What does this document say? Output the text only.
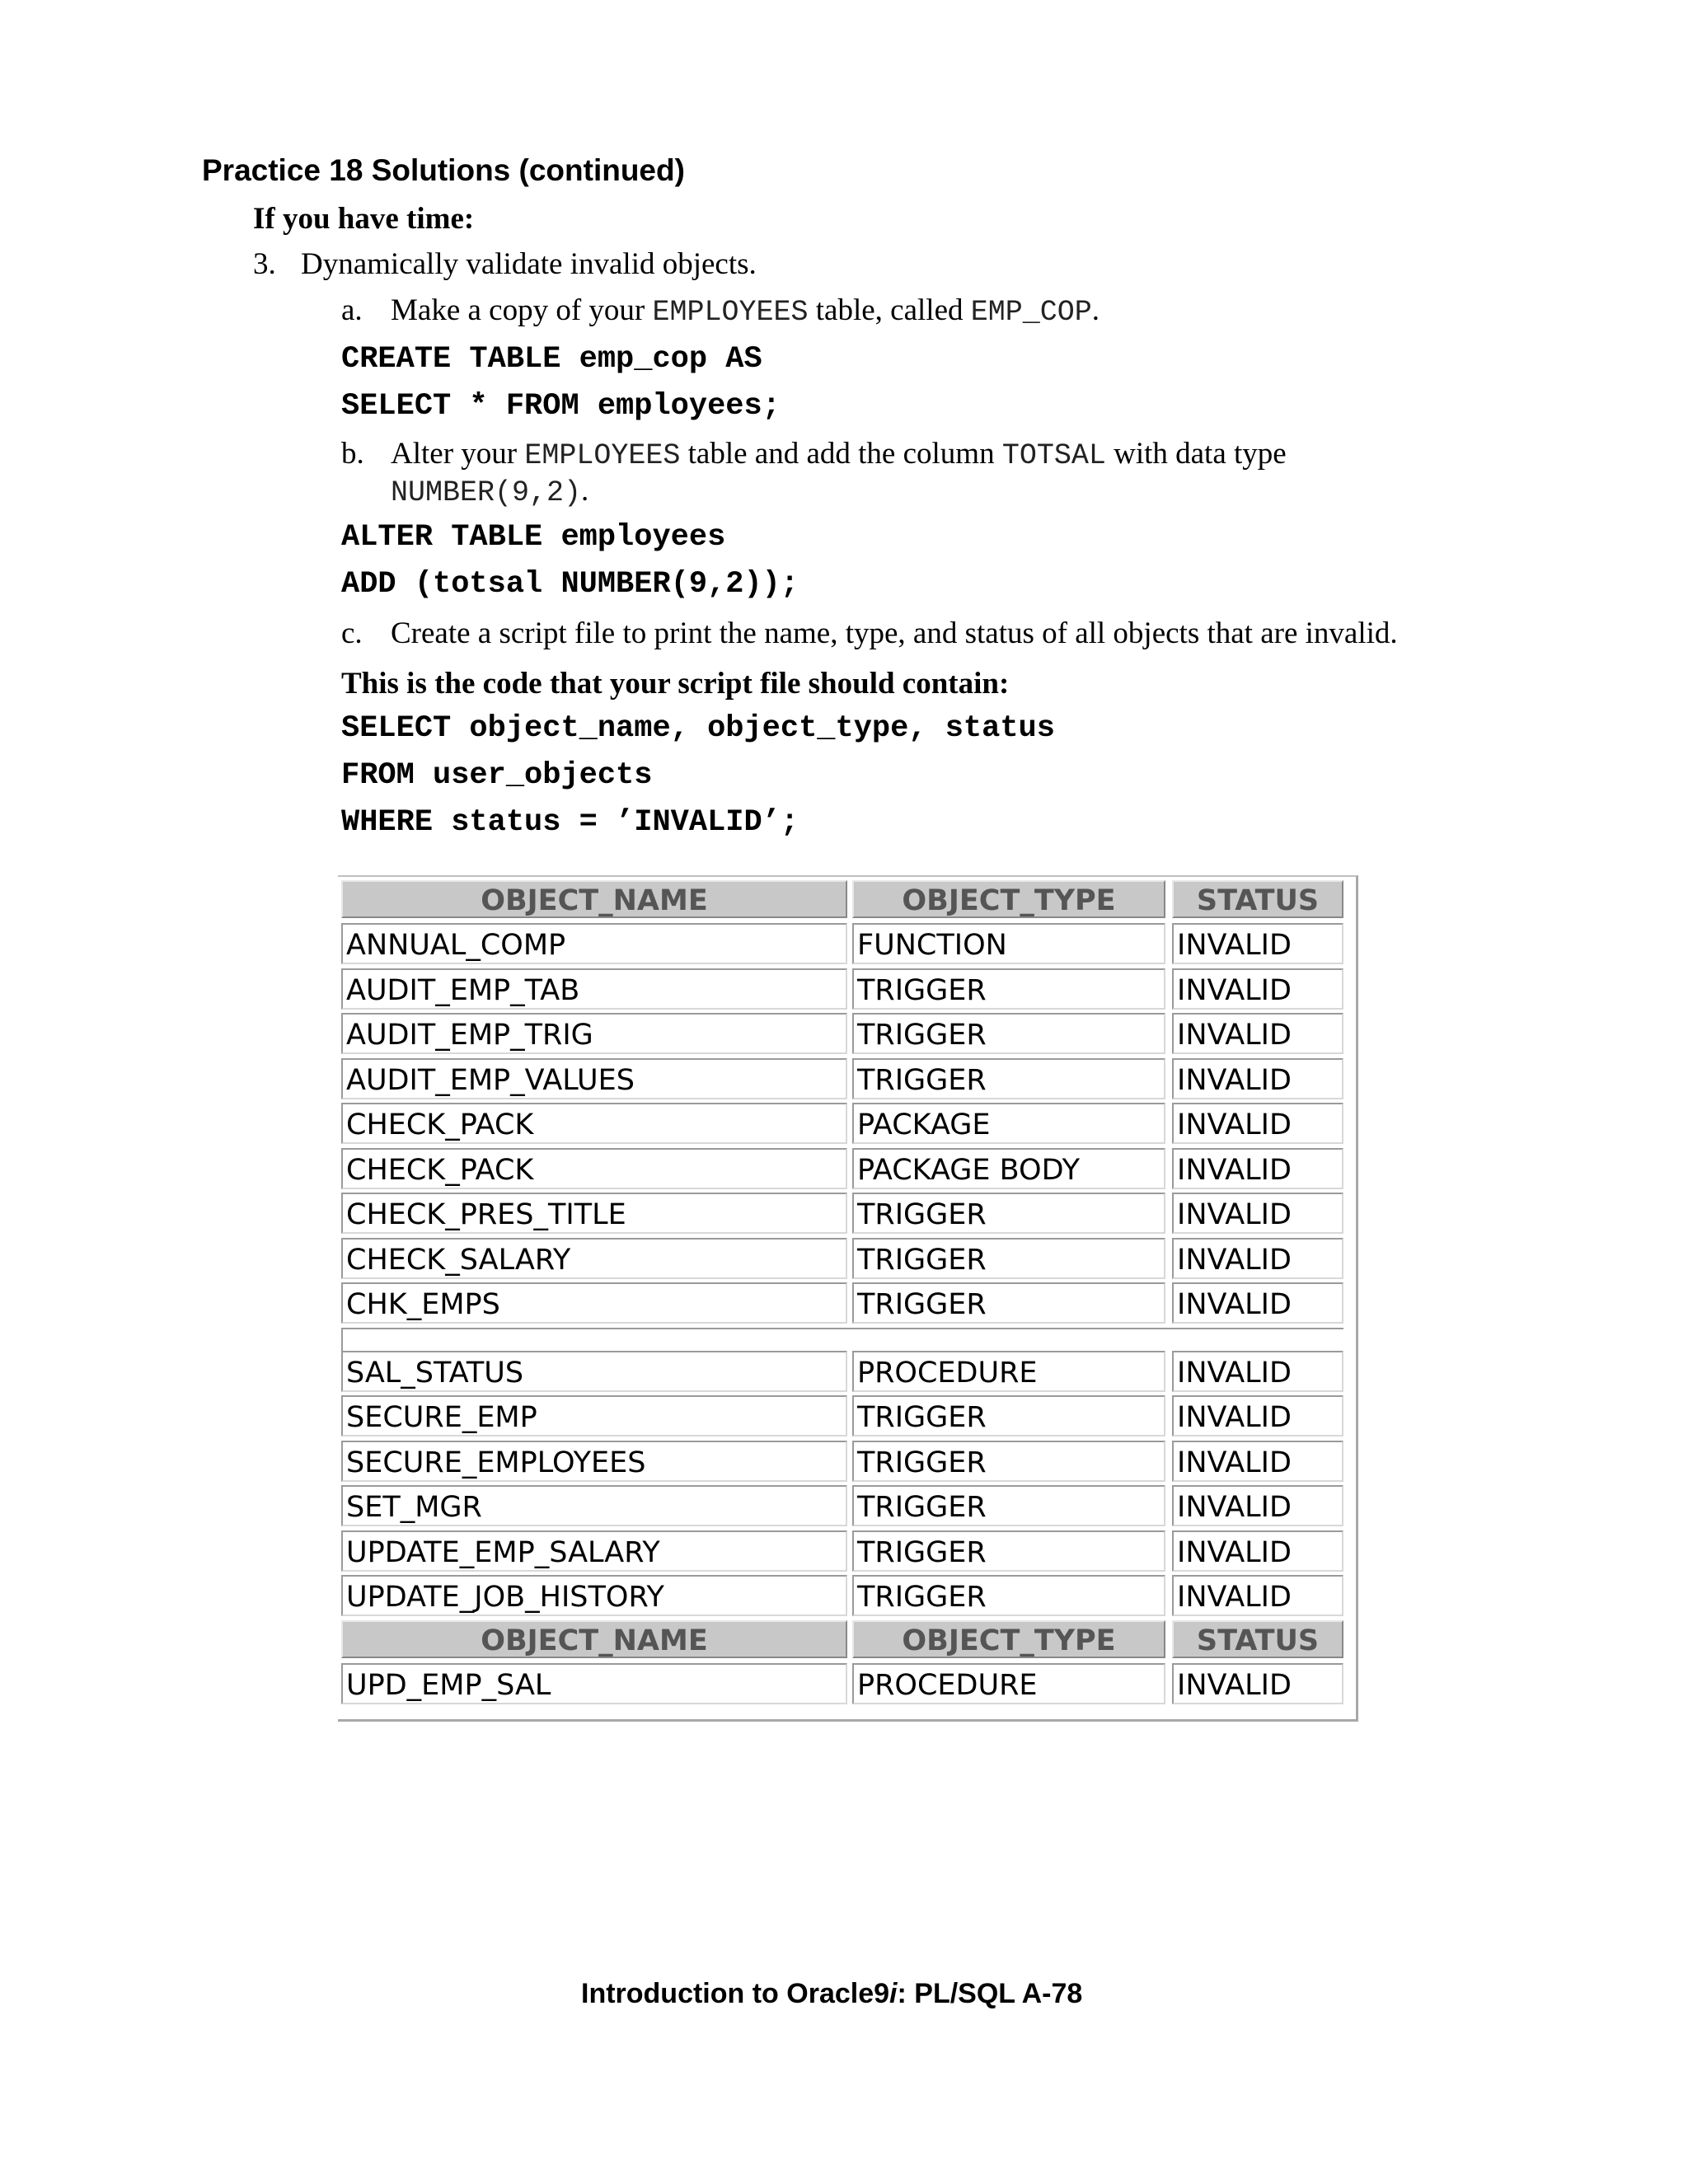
Practice 18 Solutions (continued)
If you have time:
3. Dynamically validate invalid objects.
a. Make a copy of your EMPLOYEES table, called EMP_COP.
CREATE TABLE emp_cop AS
SELECT * FROM employees;
b. Alter your EMPLOYEES table and add the column TOTSAL with data type
NUMBER(9,2).
ALTER TABLE employees
ADD (totsal NUMBER(9,2));
c. Create a script file to print the name, type, and status of all objects that are invalid.
This is the code that your script file should contain:
SELECT object_name, object_type, status
FROM user_objects
WHERE status = ’INVALID’;
OBJECT_NAME	OBJECT_TYPE	STATUS
ANNUAL_COMP	FUNCTION	INVALID
AUDIT_EMP_TAB	TRIGGER	INVALID
AUDIT_EMP_TRIG	TRIGGER	INVALID
AUDIT_EMP_VALUES	TRIGGER	INVALID
CHECK_PACK	PACKAGE	INVALID
CHECK_PACK	PACKAGE BODY	INVALID
CHECK_PRES_TITLE	TRIGGER	INVALID
CHECK_SALARY	TRIGGER	INVALID
CHK_EMPS	TRIGGER	INVALID
SAL_STATUS	PROCEDURE	INVALID
SECURE_EMP	TRIGGER	INVALID
SECURE_EMPLOYEES	TRIGGER	INVALID
SET_MGR	TRIGGER	INVALID
UPDATE_EMP_SALARY	TRIGGER	INVALID
UPDATE_JOB_HISTORY	TRIGGER	INVALID
OBJECT_NAME	OBJECT_TYPE	STATUS
UPD_EMP_SAL	PROCEDURE	INVALID
Introduction to Oracle9i: PL/SQL A-78
